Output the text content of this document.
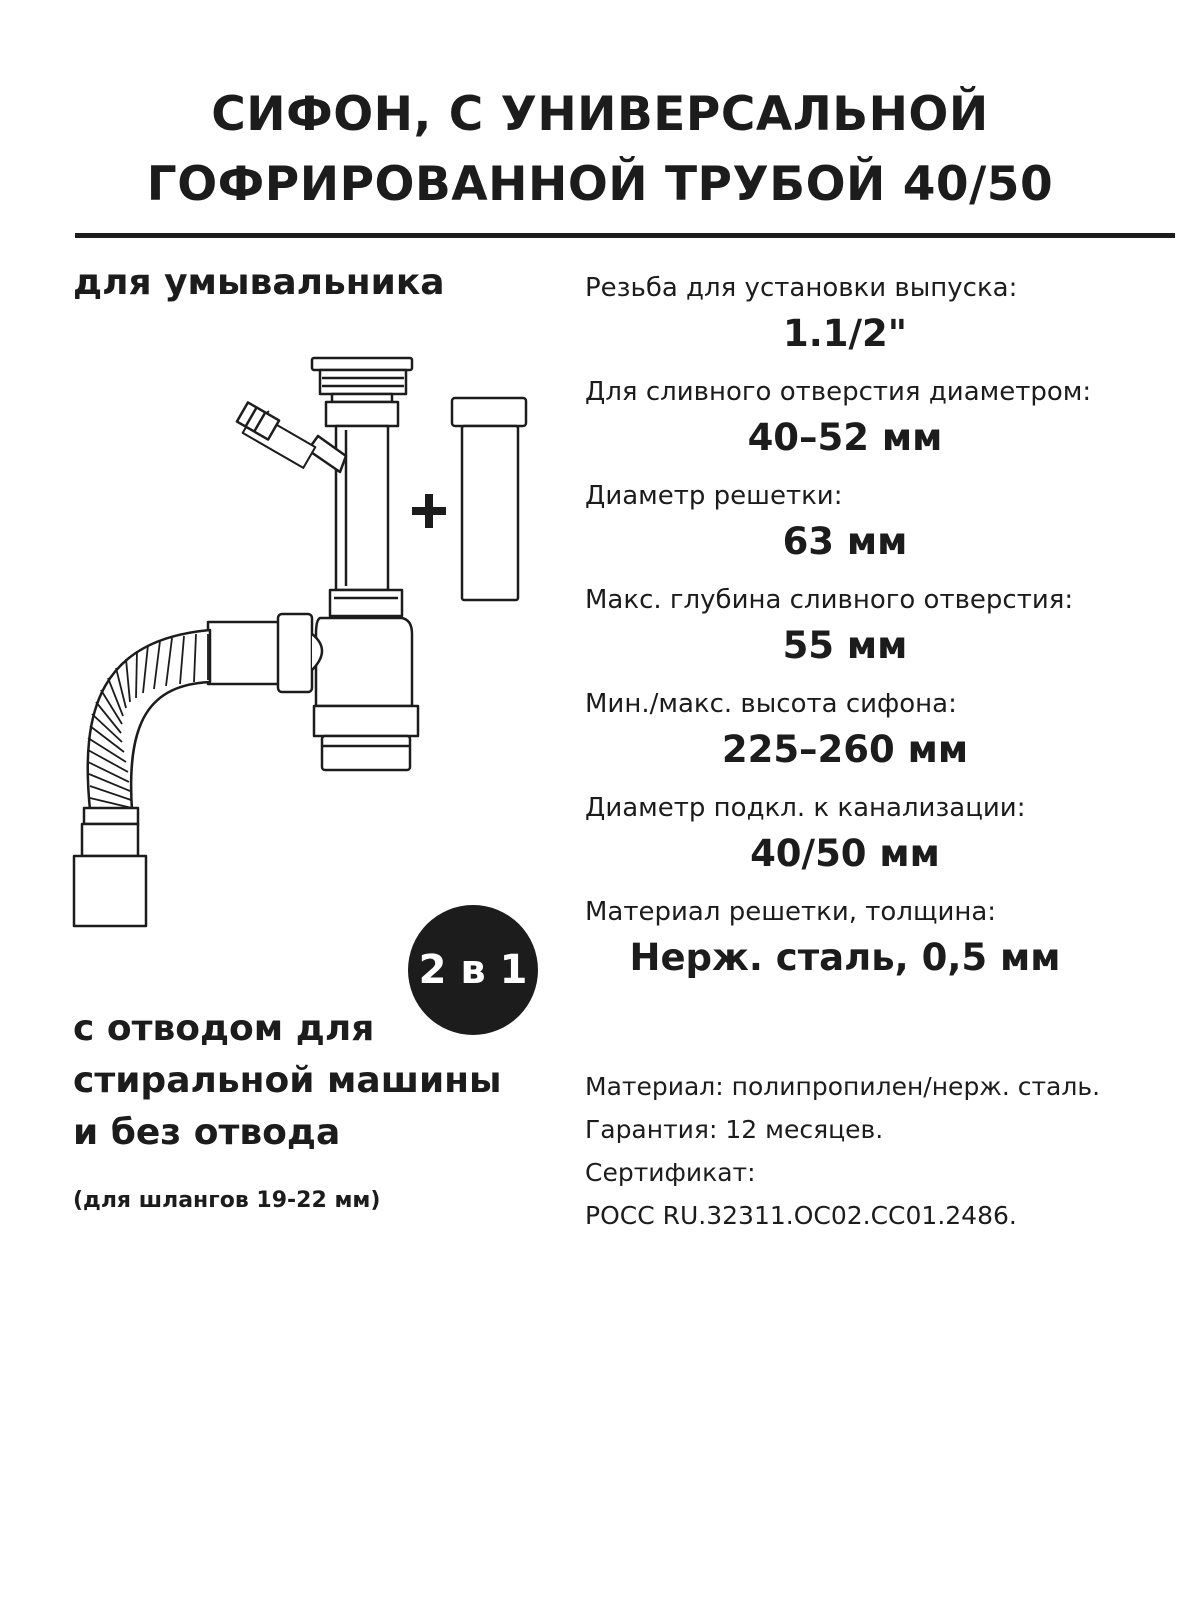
СИФОН, С УНИВЕРСАЛЬНОЙ
ГОФРИРОВАННОЙ ТРУБОЙ 40/50
для умывальника
2 в 1
с отводом для
стиральной машины
и без отвода
(для шлангов 19-22 мм)
Резьба для установки выпуска:
1.1/2"
Для сливного отверстия диаметром:
40–52 мм
Диаметр решетки:
63 мм
Макс. глубина сливного отверстия:
55 мм
Мин./макс. высота сифона:
225–260 мм
Диаметр подкл. к канализации:
40/50 мм
Материал решетки, толщина:
Нерж. сталь, 0,5 мм
Материал: полипропилен/нерж. сталь.
Гарантия: 12 месяцев.
Сертификат:
РОСС RU.32311.ОС02.СС01.2486.
